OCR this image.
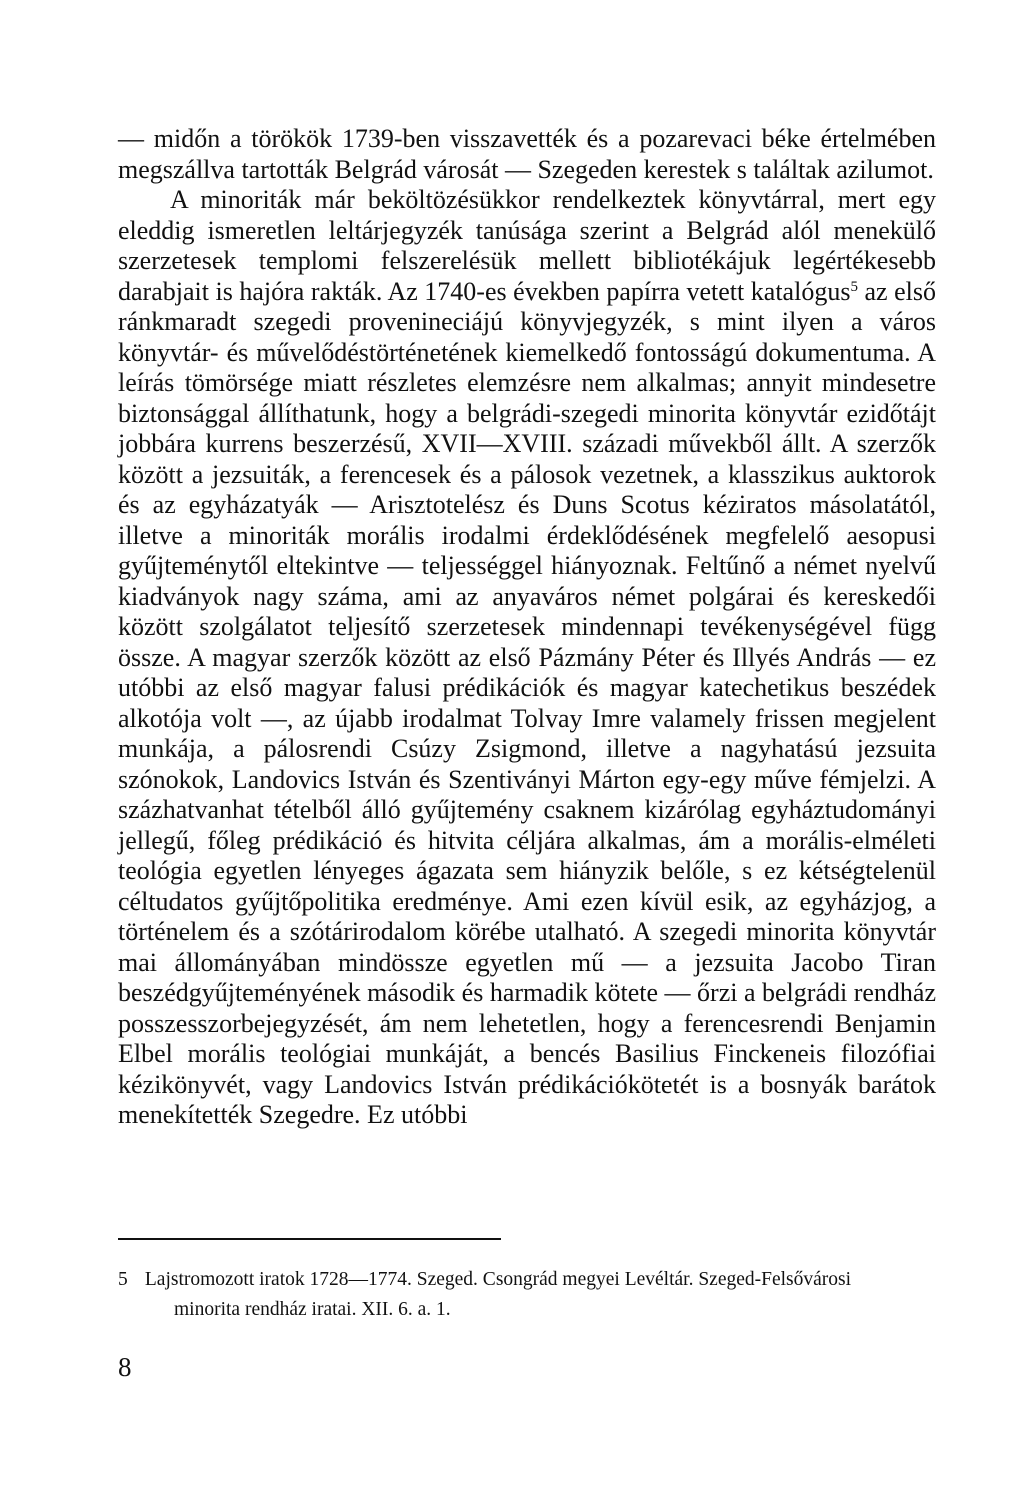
— midőn a törökök 1739-ben visszavették és a pozarevaci béke értelmében megszállva tartották Belgrád városát — Szegeden kerestek s találtak azilumot.

A minoriták már beköltözésükkor rendelkeztek könyvtárral, mert egy eleddig ismeretlen leltárjegyzék tanúsága szerint a Belgrád alól menekülő szerzetesek templomi felszerelésük mellett bibliotékájuk legértékesebb darabjait is hajóra rakták. Az 1740-es években papírra vetett katalógus$^5$ az első ránkmaradt szegedi provenineciájú könyvjegyzék, s mint ilyen a város könyvtár- és művelődéstörténetének kiemelkedő fontosságú dokumentuma. A leírás tömörsége miatt részletes elemzésre nem alkalmas; annyit mindesetre biztonsággal állíthatunk, hogy a belgrádi-szegedi minorita könyvtár ezidőtájt jobbára kurrens beszerzésű, XVII—XVIII. századi művekből állt. A szerzők között a jezsuiták, a ferencesek és a pálosok vezetnek, a klasszikus auktorok és az egyházatyák — Arisztotelész és Duns Scotus kéziratos másolatától, illetve a minoriták morális irodalmi érdeklődésének megfelelő aesopusi gyűjteménytől eltekintve — teljességgel hiányoznak. Feltűnő a német nyelvű kiadványok nagy száma, ami az anyaváros német polgárai és kereskedői között szolgálatot teljesítő szerzetesek mindennapi tevékenységével függ össze. A magyar szerzők között az első Pázmány Péter és Illyés András — ez utóbbi az első magyar falusi prédikációk és magyar katechetikus beszédek alkotója volt —, az újabb irodalmat Tolvay Imre valamely frissen megjelent munkája, a pálosrendi Csúzy Zsigmond, illetve a nagyhatású jezsuita szónokok, Landovics István és Szentiványi Márton egy-egy műve fémjelzi. A százhatvanhat tételből álló gyűjtemény csaknem kizárólag egyháztudományi jellegű, főleg prédikáció és hitvita céljára alkalmas, ám a morális-elméleti teológia egyetlen lényeges ágazata sem hiányzik belőle, s ez kétségtelenül céltudatos gyűjtőpolitika eredménye. Ami ezen kívül esik, az egyházjog, a történelem és a szótárirodalom körébe utalható. A szegedi minorita könyvtár mai állományában mindössze egyetlen mű — a jezsuita Jacobo Tiran beszédgyűjteményének második és harmadik kötete — őrzi a belgrádi rendház posszesszorbejegyzését, ám nem lehetetlen, hogy a ferencesrendi Benjamin Elbel morális teológiai munkáját, a bencés Basilius Finckeneis filozófiai kézikönyvét, vagy Landovics István prédikációkötetét is a bosnyák barátok menekítették Szegedre. Ez utóbbi

5 Lajstromozott iratok 1728—1774. Szeged. Csongrád megyei Levéltár. Szeged-Felsővárosi
minorita rendház iratai. XII. 6. a. 1.
8
